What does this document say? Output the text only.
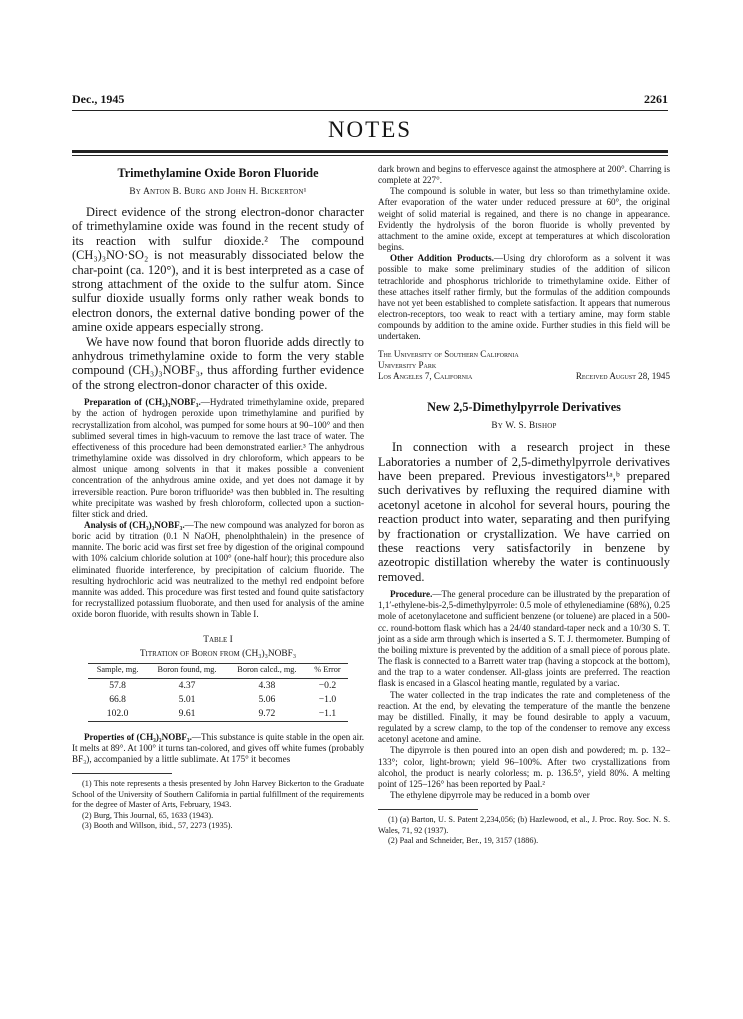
Dec., 1945	2261
NOTES
Trimethylamine Oxide Boron Fluoride
By Anton B. Burg and John H. Bickerton¹

Direct evidence of the strong electron-donor character of trimethylamine oxide was found in the recent study of its reaction with sulfur dioxide.² The compound (CH₃)₃NO·SO₂ is not measurably dissociated below the char-point (ca. 120°), and it is best interpreted as a case of strong attachment of the oxide to the sulfur atom. Since sulfur dioxide usually forms only rather weak bonds to electron donors, the external dative bonding power of the amine oxide appears especially strong.

We have now found that boron fluoride adds directly to anhydrous trimethylamine oxide to form the very stable compound (CH₃)₃NOBF₃, thus affording further evidence of the strong electron-donor character of this oxide.

Preparation of (CH₃)₃NOBF₃.—Hydrated trimethylamine oxide, prepared by the action of hydrogen peroxide upon trimethylamine and purified by recrystallization from alcohol, was pumped for some hours at 90–100° and then sublimed several times in high-vacuum to remove the last trace of water. The effectiveness of this procedure had been demonstrated earlier.³ The anhydrous trimethylamine oxide was dissolved in dry chloroform, which appears to be almost unique among solvents in that it makes possible a convenient concentration of the anhydrous amine oxide, and yet does not damage it by irreversible reaction. Pure boron trifluoride³ was then bubbled in. The resulting white precipitate was washed by fresh chloroform, collected upon a suction-filter stick and dried.

Analysis of (CH₃)₃NOBF₃.—The new compound was analyzed for boron as boric acid by titration (0.1 N NaOH, phenolphthalein) in the presence of mannite. The boric acid was first set free by digestion of the original compound with 10% calcium chloride solution at 100° (one-half hour); this procedure also eliminated fluoride interference, by precipitation of calcium fluoride. The resulting hydrochloric acid was neutralized to the methyl red endpoint before mannite was added. This procedure was first tested and found quite satisfactory for recrystallized potassium fluoborate, and then used for analysis of the amine oxide boron fluoride, with results shown in Table I.

Table I
Titration of Boron from (CH₃)₃NOBF₃
Sample, mg.	Boron found, mg.	Boron calcd., mg.	% Error
57.8	4.37	4.38	−0.2
66.8	5.01	5.06	−1.0
102.0	9.61	9.72	−1.1

Properties of (CH₃)₃NOBF₃.—This substance is quite stable in the open air. It melts at 89°. At 100° it turns tan-colored, and gives off white fumes (probably BF₃), accompanied by a little sublimate. At 175° it becomes

(1) This note represents a thesis presented by John Harvey Bickerton to the Graduate School of the University of Southern California in partial fulfillment of the requirements for the degree of Master of Arts, February, 1943.

(2) Burg, This Journal, 65, 1633 (1943).

(3) Booth and Willson, ibid., 57, 2273 (1935).

dark brown and begins to effervesce against the atmosphere at 200°. Charring is complete at 227°.

The compound is soluble in water, but less so than trimethylamine oxide. After evaporation of the water under reduced pressure at 60°, the original weight of solid material is regained, and there is no change in appearance. Evidently the hydrolysis of the boron fluoride is wholly prevented by attachment to the amine oxide, except at temperatures at which discoloration begins.

Other Addition Products.—Using dry chloroform as a solvent it was possible to make some preliminary studies of the addition of silicon tetrachloride and phosphorus trichloride to trimethylamine oxide. Either of these attaches itself rather firmly, but the formulas of the addition compounds have not yet been established to complete satisfaction. It appears that numerous electron-receptors, too weak to react with a tertiary amine, may form stable compounds by addition to the amine oxide. Further studies in this field will be undertaken.

The University of Southern California
University Park
Los Angeles 7, California	Received August 28, 1945
New 2,5-Dimethylpyrrole Derivatives
By W. S. Bishop

In connection with a research project in these Laboratories a number of 2,5-dimethylpyrrole derivatives have been prepared. Previous investigators¹ᵃ,ᵇ prepared such derivatives by refluxing the required diamine with acetonyl acetone in alcohol for several hours, pouring the reaction product into water, separating and then purifying by fractionation or crystallization. We have carried on these reactions very satisfactorily in benzene by azeotropic distillation whereby the water is continuously removed.

Procedure.—The general procedure can be illustrated by the preparation of 1,1′-ethylene-bis-2,5-dimethylpyrrole: 0.5 mole of ethylenediamine (68%), 0.25 mole of acetonylacetone and sufficient benzene (or toluene) are placed in a 500-cc. round-bottom flask which has a 24/40 standard-taper neck and a 10/30 S. T. joint as a side arm through which is inserted a S. T. J. thermometer. Bumping of the boiling mixture is prevented by the addition of a small piece of porous plate. The flask is connected to a Barrett water trap (having a stopcock at the bottom), and the trap to a water condenser. All-glass joints are preferred. The reaction flask is encased in a Glascol heating mantle, regulated by a variac.

The water collected in the trap indicates the rate and completeness of the reaction. At the end, by elevating the temperature of the mantle the benzene may be distilled. Finally, it may be found desirable to apply a vacuum, regulated by a screw clamp, to the top of the condenser to remove any excess acetonyl acetone and amine.

The dipyrrole is then poured into an open dish and powdered; m. p. 132–133°; color, light-brown; yield 96–100%. After two crystallizations from alcohol, the product is nearly colorless; m. p. 136.5°, yield 80%. A melting point of 125–126° has been reported by Paal.²

The ethylene dipyrrole may be reduced in a bomb over

(1) (a) Barton, U. S. Patent 2,234,056; (b) Hazlewood, et al., J. Proc. Roy. Soc. N. S. Wales, 71, 92 (1937).

(2) Paal and Schneider, Ber., 19, 3157 (1886).
